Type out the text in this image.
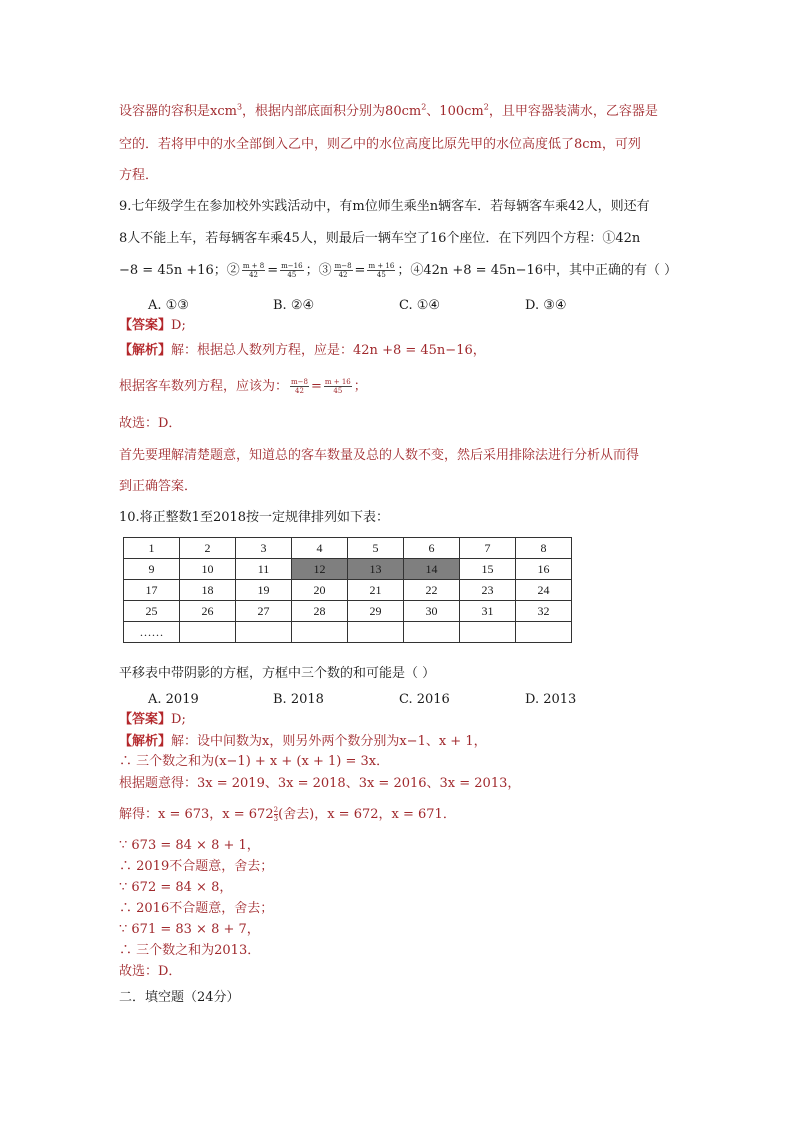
设容器的容积是xcm$^3$，根据内部底面积分别为$80cm^2$、$100cm^2$，且甲容器装满水，乙容器是
空的．若将甲中的水全部倒入乙中，则乙中的水位高度比原先甲的水位高度低了8cm，可列
方程．
9.七年级学生在参加校外实践活动中，有m位师生乘坐n辆客车．若每辆客车乘42人，则还有
8人不能上车，若每辆客车乘45人，则最后一辆车空了16个座位．在下列四个方程：①42n
−8 = 45n +16；② $\frac{m + 8}{42} = \frac{m-16}{45}$ ；③ $\frac{m-8}{42} = \frac{m + 16}{45}$ ；④42n +8 = 45n−16中，其中正确的有（ ）
A. ①③	B. ②④	C. ①④	D. ③④
【答案】D;
【解析】解：根据总人数列方程，应是：42n +8 = 45n−16，
根据客车数列方程，应该为： $\frac{m-8}{42} = \frac{m + 16}{45}$ ；
故选：D．
首先要理解清楚题意，知道总的客车数量及总的人数不变，然后采用排除法进行分析从而得
到正确答案．
10.将正整数1至2018按一定规律排列如下表：
1	2	3	4	5	6	7	8
9	10	11	12	13	14	15	16
17	18	19	20	21	22	23	24
25	26	27	28	29	30	31	32
……							
平移表中带阴影的方框，方框中三个数的和可能是（ ）
A. 2019	B. 2018	C. 2016	D. 2013
【答案】D;
【解析】解：设中间数为x，则另外两个数分别为x−1、x + 1，
∴ 三个数之和为(x−1) + x + (x + 1) = 3x．
根据题意得：3x = 2019、3x = 2018、3x = 2016、3x = 2013，
解得：x = 673，$x = 672 \frac{2}{3}$ (舍去)，x = 672，x = 671．
∵ 673 = 84 × 8 + 1，
∴ 2019不合题意，舍去；
∵ 672 = 84 × 8，
∴ 2016不合题意，舍去；
∵ 671 = 83 × 8 + 7，
∴ 三个数之和为2013．
故选：D．
二．填空题（24分）
